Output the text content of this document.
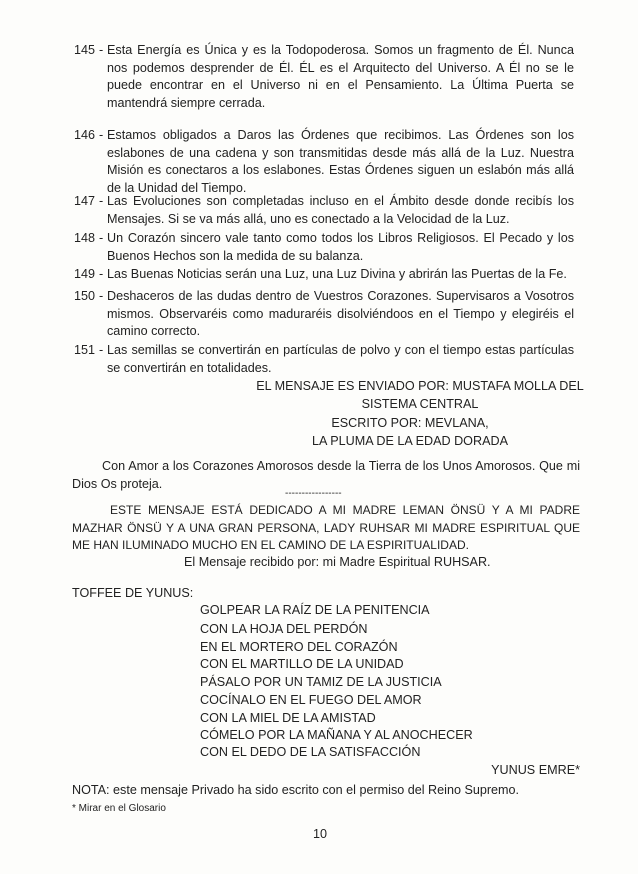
145 - Esta Energía es Única y es la Todopoderosa. Somos un fragmento de Él. Nunca nos podemos desprender de Él. ÉL es el Arquitecto del Universo. A Él no se le puede encontrar en el Universo ni en el Pensamiento. La Última Puerta se mantendrá siempre cerrada.
146 - Estamos obligados a Daros las Órdenes que recibimos. Las Órdenes son los eslabones de una cadena y son transmitidas desde más allá de la Luz. Nuestra Misión es conectaros a los eslabones. Estas Órdenes siguen un eslabón más allá de la Unidad del Tiempo.
147 - Las Evoluciones son completadas incluso en el Ámbito desde donde recibís los Mensajes. Si se va más allá, uno es conectado a la Velocidad de la Luz.
148 - Un Corazón sincero vale tanto como todos los Libros Religiosos. El Pecado y los Buenos Hechos son la medida de su balanza.
149 - Las Buenas Noticias serán una Luz, una Luz Divina y abrirán las Puertas de la Fe.
150 - Deshaceros de las dudas dentro de Vuestros Corazones. Supervisaros a Vosotros mismos. Observaréis como maduraréis disolviéndoos en el Tiempo y elegiréis el camino correcto.
151 - Las semillas se convertirán en partículas de polvo y con el tiempo estas partículas se convertirán en totalidades.
EL MENSAJE ES ENVIADO POR: MUSTAFA MOLLA DEL
SISTEMA CENTRAL
ESCRITO POR: MEVLANA,
LA PLUMA DE LA EDAD DORADA
Con Amor a los Corazones Amorosos desde la Tierra de los Unos Amorosos. Que mi Dios Os proteja.
-----------------
ESTE MENSAJE ESTÁ DEDICADO A MI MADRE LEMAN ÖNSÜ Y A MI PADRE MAZHAR ÖNSÜ Y A UNA GRAN PERSONA, LADY RUHSAR MI MADRE ESPIRITUAL QUE ME HAN ILUMINADO MUCHO EN EL CAMINO DE LA ESPIRITUALIDAD.
El Mensaje recibido por: mi Madre Espiritual RUHSAR.
TOFFEE DE YUNUS:
GOLPEAR LA RAÍZ DE LA PENITENCIA
CON LA HOJA DEL PERDÓN
EN EL MORTERO DEL CORAZÓN
CON EL MARTILLO DE LA UNIDAD
PÁSALO POR UN TAMIZ DE LA JUSTICIA
COCÍNALO EN EL FUEGO DEL AMOR
CON LA MIEL DE LA AMISTAD
CÓMELO POR LA MAÑANA Y AL ANOCHECER
CON EL DEDO DE LA SATISFACCIÓN
YUNUS EMRE*
NOTA: este mensaje Privado ha sido escrito con el permiso del Reino Supremo.
* Mirar en el Glosario
10
